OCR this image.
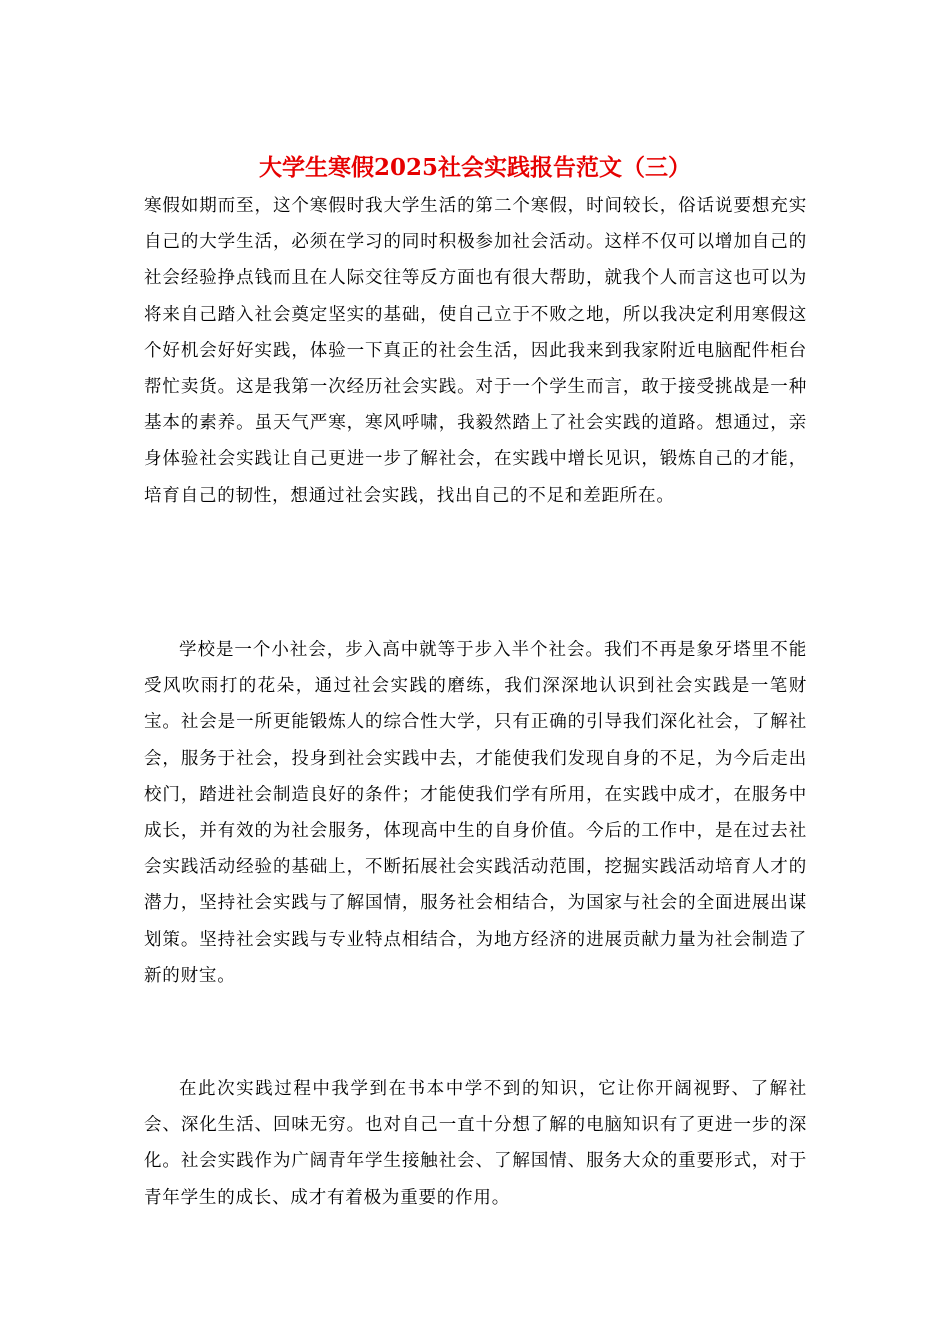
大学生寒假2025社会实践报告范文（三）

寒假如期而至，这个寒假时我大学生活的第二个寒假，时间较长，俗话说要想充实自己的大学生活，必须在学习的同时积极参加社会活动。这样不仅可以增加自己的社会经验挣点钱而且在人际交往等反方面也有很大帮助，就我个人而言这也可以为将来自己踏入社会奠定坚实的基础，使自己立于不败之地，所以我决定利用寒假这个好机会好好实践，体验一下真正的社会生活，因此我来到我家附近电脑配件柜台帮忙卖货。这是我第一次经历社会实践。对于一个学生而言，敢于接受挑战是一种基本的素养。虽天气严寒，寒风呼啸，我毅然踏上了社会实践的道路。想通过，亲身体验社会实践让自己更进一步了解社会，在实践中增长见识，锻炼自己的才能，培育自己的韧性，想通过社会实践，找出自己的不足和差距所在。

学校是一个小社会，步入高中就等于步入半个社会。我们不再是象牙塔里不能受风吹雨打的花朵，通过社会实践的磨练，我们深深地认识到社会实践是一笔财宝。社会是一所更能锻炼人的综合性大学，只有正确的引导我们深化社会，了解社会，服务于社会，投身到社会实践中去，才能使我们发现自身的不足，为今后走出校门，踏进社会制造良好的条件；才能使我们学有所用，在实践中成才，在服务中成长，并有效的为社会服务，体现高中生的自身价值。今后的工作中，是在过去社会实践活动经验的基础上，不断拓展社会实践活动范围，挖掘实践活动培育人才的潜力，坚持社会实践与了解国情，服务社会相结合，为国家与社会的全面进展出谋划策。坚持社会实践与专业特点相结合，为地方经济的进展贡献力量为社会制造了新的财宝。

在此次实践过程中我学到在书本中学不到的知识，它让你开阔视野、了解社会、深化生活、回味无穷。也对自己一直十分想了解的电脑知识有了更进一步的深化。社会实践作为广阔青年学生接触社会、了解国情、服务大众的重要形式，对于青年学生的成长、成才有着极为重要的作用。
